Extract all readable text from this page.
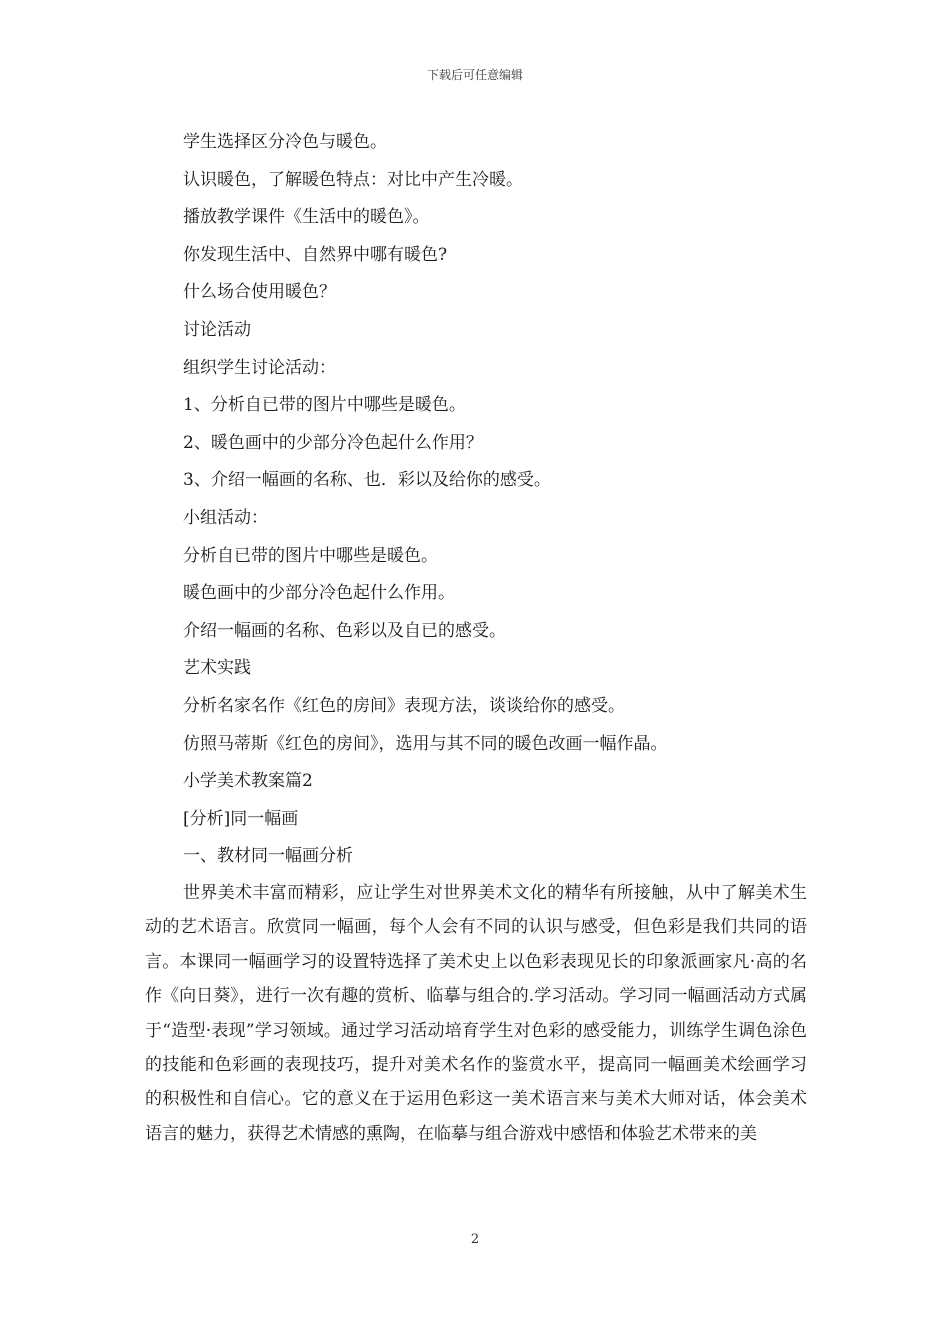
下载后可任意编辑
学生选择区分冷色与暖色。
认识暖色，了解暖色特点：对比中产生冷暖。
播放教学课件《生活中的暖色》。
你发现生活中、自然界中哪有暖色?
什么场合使用暖色？
讨论活动
组织学生讨论活动：
1、分析自已带的图片中哪些是暖色。
2、暖色画中的少部分冷色起什么作用？
3、介绍一幅画的名称、也．彩以及给你的感受。
小组活动：
分析自已带的图片中哪些是暖色。
暖色画中的少部分冷色起什么作用。
介绍一幅画的名称、色彩以及自已的感受。
艺术实践
分析名家名作《红色的房间》表现方法，谈谈给你的感受。
仿照马蒂斯《红色的房间》，选用与其不同的暖色改画一幅作晶。
小学美术教案篇2
[分析]同一幅画
一、教材同一幅画分析

世界美术丰富而精彩，应让学生对世界美术文化的精华有所接触，从中了解美术生动的艺术语言。欣赏同一幅画，每个人会有不同的认识与感受，但色彩是我们共同的语言。本课同一幅画学习的设置特选择了美术史上以色彩表现见长的印象派画家凡·高的名作《向日葵》，进行一次有趣的赏析、临摹与组合的.学习活动。学习同一幅画活动方式属于“造型·表现”学习领域。通过学习活动培育学生对色彩的感受能力，训练学生调色涂色的技能和色彩画的表现技巧，提升对美术名作的鉴赏水平，提高同一幅画美术绘画学习的积极性和自信心。它的意义在于运用色彩这一美术语言来与美术大师对话，体会美术语言的魅力，获得艺术情感的熏陶，在临摹与组合游戏中感悟和体验艺术带来的美

2
